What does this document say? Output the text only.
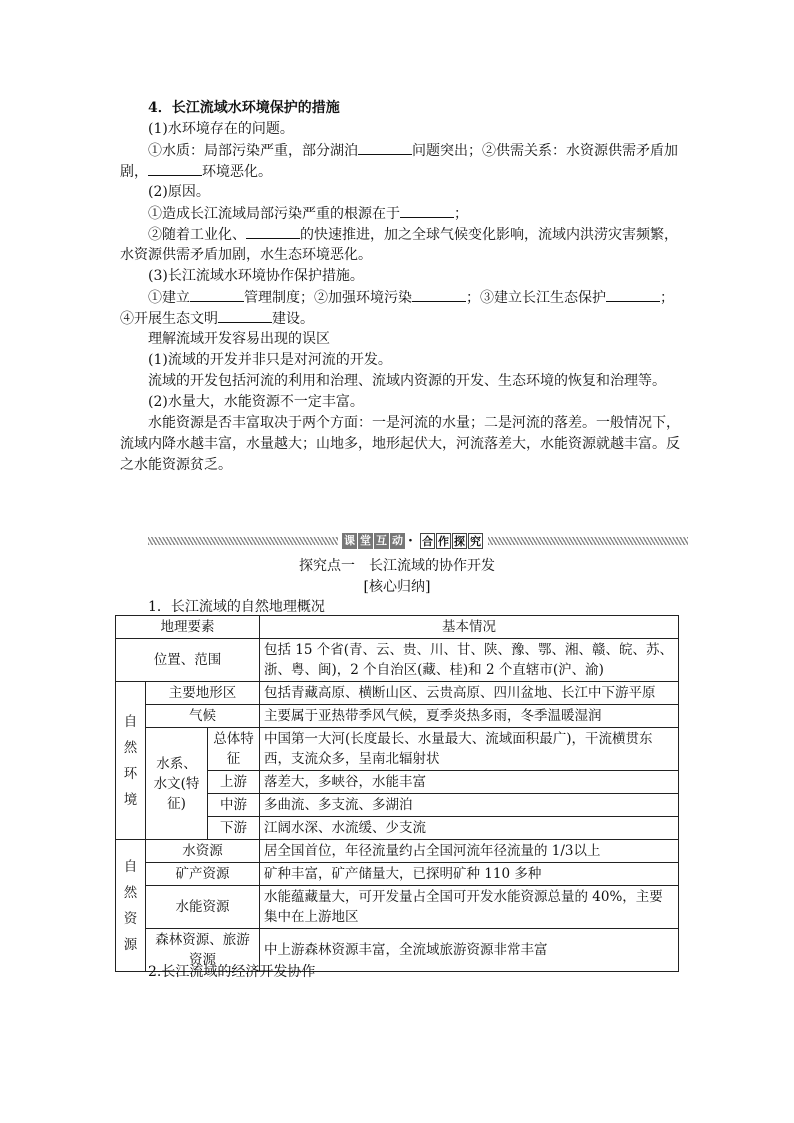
4．长江流域水环境保护的措施
(1)水环境存在的问题。
①水质：局部污染严重，部分湖泊	问题突出；②供需关系：水资源供需矛盾加
剧，	环境恶化。
(2)原因。
①造成长江流域局部污染严重的根源在于	；
②随着工业化、	的快速推进，加之全球气候变化影响，流域内洪涝灾害频繁，
水资源供需矛盾加剧，水生态环境恶化。
(3)长江流域水环境协作保护措施。
①建立	管理制度；②加强环境污染	；③建立长江生态保护	；
④开展生态文明	建设。
理解流域开发容易出现的误区
(1)流域的开发并非只是对河流的开发。
流域的开发包括河流的利用和治理、流域内资源的开发、生态环境的恢复和治理等。
(2)水量大，水能资源不一定丰富。
水能资源是否丰富取决于两个方面：一是河流的水量；二是河流的落差。一般情况下，
流域内降水越丰富，水量越大；山地多，地形起伏大，河流落差大，水能资源就越丰富。反
之水能资源贫乏。
课 堂 互 动 · 合 作 探 究
探究点一　长江流域的协作开发
[核心归纳]
1．长江流域的自然地理概况
地理要素			基本情况
位置、范围			包括 15 个省(青、云、贵、川、甘、陕、豫、鄂、湘、赣、皖、苏、浙、粤、闽)，2 个自治区(藏、桂)和 2 个直辖市(沪、渝)
自然环境	主要地形区		包括青藏高原、横断山区、云贵高原、四川盆地、长江中下游平原
	气候		主要属于亚热带季风气候，夏季炎热多雨，冬季温暖湿润
	水系、水文(特征)	总体特征	中国第一大河(长度最长、水量最大、流域面积最广)，干流横贯东西，支流众多，呈南北辐射状
		上游	落差大，多峡谷，水能丰富
		中游	多曲流、多支流、多湖泊
		下游	江阔水深、水流缓、少支流
自然资源	水资源		居全国首位，年径流量约占全国河流年径流量的 1/3以上
	矿产资源		矿种丰富，矿产储量大，已探明矿种 110 多种
	水能资源		水能蕴藏量大，可开发量占全国可开发水能资源总量的 40%，主要集中在上游地区
	森林资源、旅游资源		中上游森林资源丰富，全流域旅游资源非常丰富
2.长江流域的经济开发协作
